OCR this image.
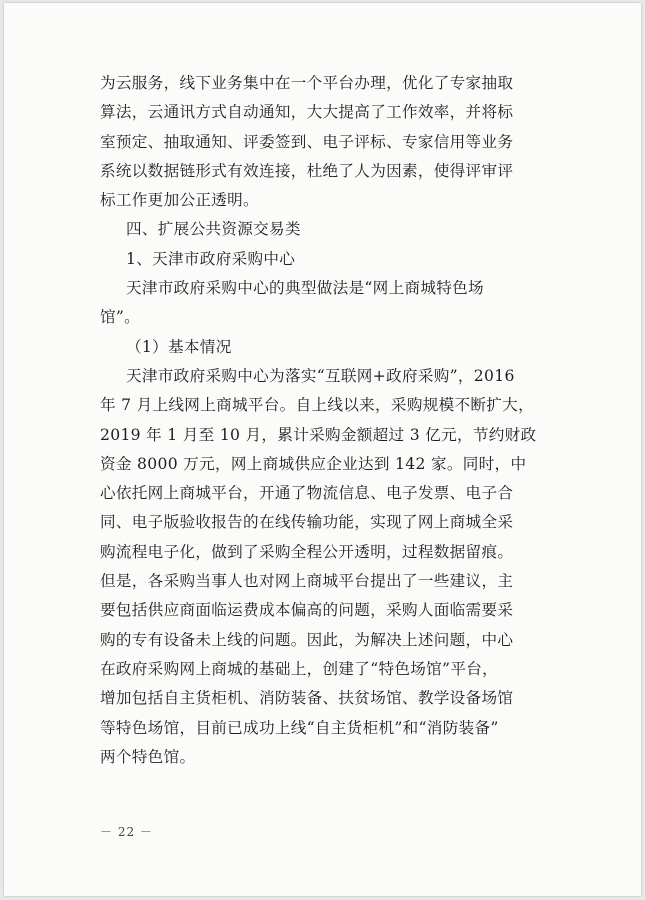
为云服务，线下业务集中在一个平台办理，优化了专家抽取
算法，云通讯方式自动通知，大大提高了工作效率，并将标
室预定、抽取通知、评委签到、电子评标、专家信用等业务
系统以数据链形式有效连接，杜绝了人为因素，使得评审评
标工作更加公正透明。
四、扩展公共资源交易类
1、天津市政府采购中心
天津市政府采购中心的典型做法是“网上商城特色场
馆”。
（1）基本情况
天津市政府采购中心为落实“互联网+政府采购”，2016
年 7 月上线网上商城平台。自上线以来，采购规模不断扩大，
2019 年 1 月至 10 月，累计采购金额超过 3 亿元，节约财政
资金 8000 万元，网上商城供应企业达到 142 家。同时，中
心依托网上商城平台，开通了物流信息、电子发票、电子合
同、电子版验收报告的在线传输功能，实现了网上商城全采
购流程电子化，做到了采购全程公开透明，过程数据留痕。
但是，各采购当事人也对网上商城平台提出了一些建议，主
要包括供应商面临运费成本偏高的问题，采购人面临需要采
购的专有设备未上线的问题。因此，为解决上述问题，中心
在政府采购网上商城的基础上，创建了“特色场馆”平台，
增加包括自主货柜机、消防装备、扶贫场馆、教学设备场馆
等特色场馆，目前已成功上线“自主货柜机”和“消防装备”
两个特色馆。
－ 22 －
